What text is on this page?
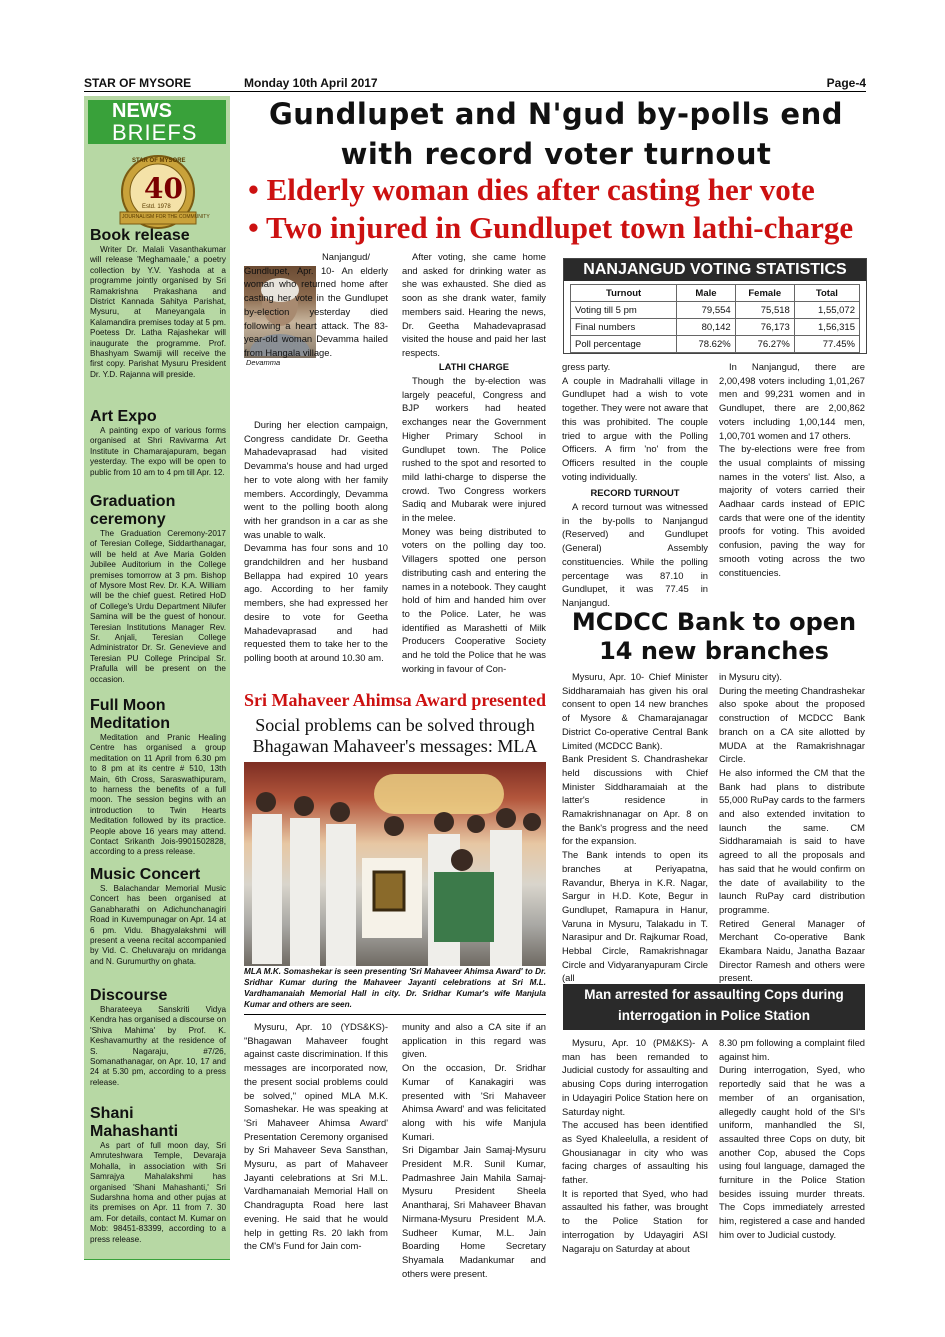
STAR OF MYSORE	Monday 10th April 2017	Page-4
NEWS
BRIEFS
STAR OF MYSORE
40
Estd. 1978
JOURNALISM FOR THE COMMUNITY
Book release

Writer Dr. Malali Vasanthakumar will release 'Meghamaale,' a poetry collection by Y.V. Yashoda at a programme jointly organised by Sri Ramakrishna Prakashana and District Kannada Sahitya Parishat, Mysuru, at Maneyangala in Kalamandira premises today at 5 pm. Poetess Dr. Latha Rajashekar will inaugurate the programme. Prof. Bhashyam Swamiji will receive the first copy. Parishat Mysuru President Dr. Y.D. Rajanna will preside.

Art Expo

A painting expo of various forms organised at Shri Ravivarma Art Institute in Chamarajapuram, began yesterday. The expo will be open to public from 10 am to 4 pm till Apr. 12.

Graduation ceremony

The Graduation Ceremony-2017 of Teresian College, Siddarthanagar, will be held at Ave Maria Golden Jubilee Auditorium in the College premises tomorrow at 3 pm. Bishop of Mysore Most Rev. Dr. K.A. William will be the chief guest. Retired HoD of College's Urdu Department Nilufer Samina will be the guest of honour. Teresian Institutions Manager Rev. Sr. Anjali, Teresian College Administrator Dr. Sr. Genevieve and Teresian PU College Principal Sr. Prafulla will be present on the occasion.

Full Moon Meditation

Meditation and Pranic Healing Centre has organised a group meditation on 11 April from 6.30 pm to 8 pm at its centre # 510, 13th Main, 6th Cross, Saraswathipuram, to harness the benefits of a full moon. The session begins with an introduction to Twin Hearts Meditation followed by its practice. People above 16 years may attend. Contact Srikanth Jois-9901502828, according to a press release.

Music Concert

S. Balachandar Memorial Music Concert has been organised at Ganabharathi on Adichunchanagiri Road in Kuvempunagar on Apr. 14 at 6 pm. Vidu. Bhagyalakshmi will present a veena recital accompanied by Vid. C. Cheluvaraju on mridanga and N. Gurumurthy on ghata.

Discourse

Bharateeya Sanskriti Vidya Kendra has organised a discourse on 'Shiva Mahima' by Prof. K. Keshavamurthy at the residence of S. Nagaraju, #7/26, Somanathanagar, on Apr. 10, 17 and 24 at 5.30 pm, according to a press release.

Shani Mahashanti

As part of full moon day, Sri Amruteshwara Temple, Devaraja Mohalla, in association with Sri Samrajya Mahalakshmi has organised 'Shani Mahashanti,' Sri Sudarshna homa and other pujas at its premises on Apr. 11 from 7. 30 am. For details, contact M. Kumar on Mob: 98451-83399, according to a press release.

Gundlupet and N'gud by-polls end
with record voter turnout
• Elderly woman dies after casting her vote
• Two injured in Gundlupet town lathi-charge
Devamma

Nanjangud/ Gundlupet, Apr. 10- An elderly woman who returned home after casting her vote in the Gundlupet by-election yesterday died following a heart attack. The 83-year-old woman Devamma hailed from Hangala village.

During her election campaign, Congress candidate Dr. Geetha Mahadevaprasad had visited Devamma's house and had urged her to vote along with her family members. Accordingly, Devamma went to the polling booth along with her grandson in a car as she was unable to walk.
Devamma has four sons and 10 grandchildren and her husband Bellappa had expired 10 years ago. According to her family members, she had expressed her desire to vote for Geetha Mahadevaprasad and had requested them to take her to the polling booth at around 10.30 am.

After voting, she came home and asked for drinking water as she was exhausted. She died as soon as she drank water, family members said. Hearing the news, Dr. Geetha Mahadevaprasad visited the house and paid her last respects.

LATHI CHARGE

Though the by-election was largely peaceful, Congress and BJP workers had heated exchanges near the Government Higher Primary School in Gundlupet town. The Police rushed to the spot and resorted to mild lathi-charge to disperse the crowd. Two Congress workers Sadiq and Mubarak were injured in the melee.
Money was being distributed to voters on the polling day too. Villagers spotted one person distributing cash and entering the names in a notebook. They caught hold of him and handed him over to the Police. Later, he was identified as Marashetti of Milk Producers Cooperative Society and he told the Police that he was working in favour of Con-

NANJANGUD VOTING STATISTICS
Turnout	Male	Female	Total
Voting till 5 pm	79,554	75,518	1,55,072
Final numbers	80,142	76,173	1,56,315
Poll percentage	78.62%	76.27%	77.45%

gress party.
A couple in Madrahalli village in Gundlupet had a wish to vote together. They were not aware that this was prohibited. The couple tried to argue with the Polling Officers. A firm 'no' from the Officers resulted in the couple voting individually.

RECORD TURNOUT

A record turnout was witnessed in the by-polls to Nanjangud (Reserved) and Gundlupet (General) Assembly constituencies. While the polling percentage was 87.10 in Gundlupet, it was 77.45 in Nanjangud.

In Nanjangud, there are 2,00,498 voters including 1,01,267 men and 99,231 women and in Gundlupet, there are 2,00,862 voters including 1,00,144 men, 1,00,701 women and 17 others.
The by-elections were free from the usual complaints of missing names in the voters' list. Also, a majority of voters carried their Aadhaar cards instead of EPIC cards that were one of the identity proofs for voting. This avoided confusion, paving the way for smooth voting across the two constituencies.

Sri Mahaveer Ahimsa Award presented
Social problems can be solved through
Bhagawan Mahaveer's messages: MLA
MLA M.K. Somashekar is seen presenting 'Sri Mahaveer Ahimsa Award' to Dr. Sridhar Kumar during the Mahaveer Jayanti celebrations at Sri M.L. Vardhamanaiah Memorial Hall in city. Dr. Sridhar Kumar's wife Manjula Kumar and others are seen.

Mysuru, Apr. 10 (YDS&KS)- "Bhagawan Mahaveer fought against caste discrimination. If this messages are incorporated now, the present social problems could be solved," opined MLA M.K. Somashekar. He was speaking at 'Sri Mahaveer Ahimsa Award' Presentation Ceremony organised by Sri Mahaveer Seva Sansthan, Mysuru, as part of Mahaveer Jayanti celebrations at Sri M.L. Vardhamanaiah Memorial Hall on Chandragupta Road here last evening. He said that he would help in getting Rs. 20 lakh from the CM's Fund for Jain com-

munity and also a CA site if an application in this regard was given.
On the occasion, Dr. Sridhar Kumar of Kanakagiri was presented with 'Sri Mahaveer Ahimsa Award' and was felicitated along with his wife Manjula Kumari.
Sri Digambar Jain Samaj-Mysuru President M.R. Sunil Kumar, Padmashree Jain Mahila Samaj-Mysuru President Sheela Anantharaj, Sri Mahaveer Bhavan Nirmana-Mysuru President M.A. Sudheer Kumar, M.L. Jain Boarding Home Secretary Shyamala Madankumar and others were present.

MCDCC Bank to open
14 new branches

Mysuru, Apr. 10- Chief Minister Siddharamaiah has given his oral consent to open 14 new branches of Mysore & Chamarajanagar District Co-operative Central Bank Limited (MCDCC Bank).
Bank President S. Chandrashekar held discussions with Chief Minister Siddharamaiah at the latter's residence in Ramakrishnanagar on Apr. 8 on the Bank's progress and the need for the expansion.
The Bank intends to open its branches at Periyapatna, Ravandur, Bherya in K.R. Nagar, Sargur in H.D. Kote, Begur in Gundlupet, Ramapura in Hanur, Varuna in Mysuru, Talakadu in T. Narasipur and Dr. Rajkumar Road, Hebbal Circle, Ramakrishnagar Circle and Vidyaranyapuram Circle (all

in Mysuru city).
During the meeting Chandrashekar also spoke about the proposed construction of MCDCC Bank branch on a CA site allotted by MUDA at the Ramakrishnagar Circle.
He also informed the CM that the Bank had plans to distribute 55,000 RuPay cards to the farmers and also extended invitation to launch the same. CM Siddharamaiah is said to have agreed to all the proposals and has said that he would confirm on the date of availability to the launch RuPay card distribution programme.
Retired General Manager of Merchant Co-operative Bank Ekambara Naidu, Janatha Bazaar Director Ramesh and others were present.

Man arrested for assaulting Cops during
interrogation in Police Station

Mysuru, Apr. 10 (PM&KS)- A man has been remanded to Judicial custody for assaulting and abusing Cops during interrogation in Udayagiri Police Station here on Saturday night.
The accused has been identified as Syed Khaleelulla, a resident of Ghousianagar in city who was facing charges of assaulting his father.
It is reported that Syed, who had assaulted his father, was brought to the Police Station for interrogation by Udayagiri ASI Nagaraju on Saturday at about

8.30 pm following a complaint filed against him.
During interrogation, Syed, who reportedly said that he was a member of an organisation, allegedly caught hold of the SI's uniform, manhandled the SI, assaulted three Cops on duty, bit another Cop, abused the Cops using foul language, damaged the furniture in the Police Station besides issuing murder threats. The Cops immediately arrested him, registered a case and handed him over to Judicial custody.
